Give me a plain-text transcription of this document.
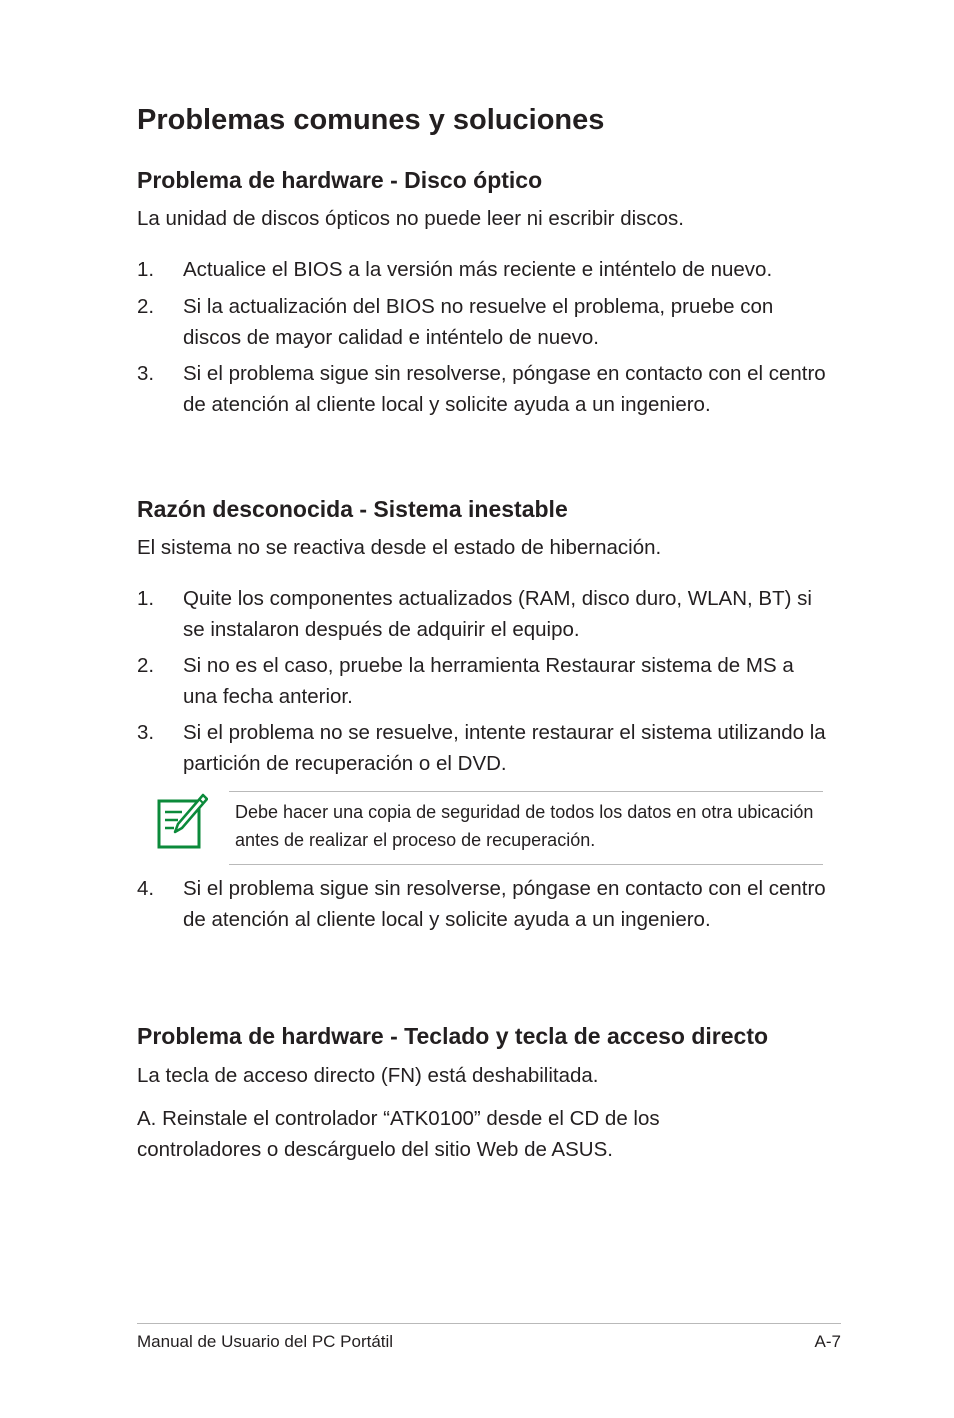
Problemas comunes y soluciones
Problema de hardware - Disco óptico
La unidad de discos ópticos no puede leer ni escribir discos.
1. Actualice el BIOS a la versión más reciente e inténtelo de nuevo.
2. Si la actualización del BIOS no resuelve el problema, pruebe con discos de mayor calidad e inténtelo de nuevo.
3. Si el problema sigue sin resolverse, póngase en contacto con el centro de atención al cliente local y solicite ayuda a un ingeniero.
Razón desconocida - Sistema inestable
El sistema no se reactiva desde el estado de hibernación.
1. Quite los componentes actualizados (RAM, disco duro, WLAN, BT) si se instalaron después de adquirir el equipo.
2. Si no es el caso, pruebe la herramienta Restaurar sistema de MS a una fecha anterior.
3. Si el problema no se resuelve, intente restaurar el sistema utilizando la partición de recuperación o el DVD.
Debe hacer una copia de seguridad de todos los datos en otra ubicación antes de realizar el proceso de recuperación.
4. Si el problema sigue sin resolverse, póngase en contacto con el centro de atención al cliente local y solicite ayuda a un ingeniero.
Problema de hardware - Teclado y tecla de acceso directo
La tecla de acceso directo (FN) está deshabilitada.
A. Reinstale el controlador “ATK0100” desde el CD de los controladores o descárguelo del sitio Web de ASUS.
Manual de Usuario del PC Portátil	A-7
